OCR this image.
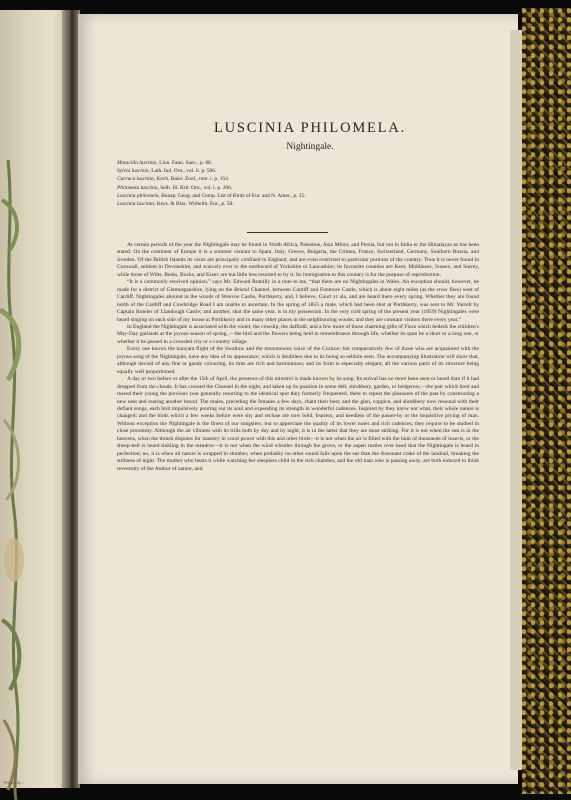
Printed by...
LUSCINIA PHILOMELA.
Nightingale.
Motacilla luscinia, Linn. Faun. Suec., p. 88.
Sylvia luscinia, Lath. Ind. Orn., vol. ii. p. 506.
Curruca luscinia, Koch, Baier. Zool., tom. i. p. 154.
Philomela luscinia, Selb. Ill. Brit. Orn., vol. i. p. 206.
Luscinia philomela, Bonap. Geog. and Comp. List of Birds of Eur. and N. Amer., p. 15.
Luscinia luscinia, Keys. & Blas. Wirbelth. Eur., p. 58.

At certain periods of the year the Nightingale may be found in North Africa, Palestine, Asia Minor, and Persia, but not in India or the Himalayas as has been stated. On the continent of Europe it is a summer visitant to Spain, Italy, Greece, Bulgaria, the Crimea, France, Switzerland, Germany, Southern Russia, and Sweden. Of the British Islands its visits are principally confined to England, and are even restricted to particular portions of the country. Thus it is never found in Cornwall, seldom in Devonshire, and scarcely ever to the northward of Yorkshire or Lancashire; its favourite counties are Kent, Middlesex, Sussex, and Surrey, while those of Wilts, Berks, Bucks, and Essex are but little less resorted to by it. Its immigration to this country is for the purpose of reproduction.

“It is a commonly received opinion,” says Mr. Edward Romilly in a note to me, “that there are no Nightingales in Wales. An exception should, however, be made for a district of Glamorganshire, lying on the Bristol Channel, between Cardiff and Fonmore Castle, which is about eight miles (as the crow flies) west of Cardiff. Nightingales abound in the woods of Wenvoe Castle, Porthkerry, and, I believe, Court yr ala, and are heard there every spring. Whether they are found north of the Cardiff and Cowbridge Road I am unable to ascertain. In the spring of 1855 a male, which had been shot at Porthkerry, was sent to Mr. Yarrell by Captain Boteler of Llandough Castle; and another, shot the same year, is in my possession. In the very cold spring of the present year (1859) Nightingales were heard singing on each side of my house at Porthkerry and in many other places in the neighbouring woods; and they are constant visitors there every year.”

In England the Nightingale is associated with the violet, the cowslip, the daffodil, and a few more of those charming gifts of Flora which bedeck the children's May-Day garlands at the joyous season of spring, —the bird and the flowers being held in remembrance through life, whether its span be a short or a long one, or whether it be passed in a crowded city or a country village.

Every one knows the buoyant flight of the Swallow and the monotonous voice of the Cuckoo; but comparatively few of those who are acquainted with the joyous song of the Nightingale, have any idea of its appearance, which is doubtless due to its being so seldom seen. The accompanying illustration will show that, although devoid of any fine or gaudy colouring, its tints are rich and harmonious; and its form is especially elegant, all the various parts of its structure being equally well proportioned.

A day or two before or after the 15th of April, the presence of this minstrel is made known by its song. Its arrival has no more been seen or heard than if it had dropped from the clouds. It has crossed the Channel in the night, and taken up its position in some dell, shrubbery, garden, or hedgerow,—the pair which bred and reared their young the previous year generally resorting to the identical spot they formerly frequented, there to repeat the pleasures of the past by constructing a new nest and rearing another brood. The males, preceding the females a few days, chant their best; and the glen, coppice, and shrubbery now resound with their defiant songs, each bird impulsively pouring out its soul and expending its strength in wonderful cadences. Inspired by they know not what, their whole nature is changed; and the birds which a few weeks before were shy and recluse are now bold, fearless, and heedless of the passer-by or the inquisitive prying of man. Without exception the Nightingale is the finest of our songsters; but to appreciate the quality of its lower notes and rich cadences, they require to be studied in close proximity. Although the air vibrates with its trills both by day and by night, it is in the latter that they are most striking. For it is not when the sun is in the heavens, when the thrush disputes for mastery in vocal power with this and other birds—it is not when the air is filled with the hum of thousands of insects, or the sheep-bell is heard tinkling in the meadow—it is not when the wind whistles through the grove, or the aspen rustles over head that the Nightingale is heard in perfection; no, it is when all nature is wrapped in slumber, when probably no other sound falls upon the ear than the dissonant crake of the landrail, breaking the stillness of night. The mother who hears it while watching her sleepless child in the sick chamber, and the old man who is passing away, are both induced to think reverently of the Author of nature, and
